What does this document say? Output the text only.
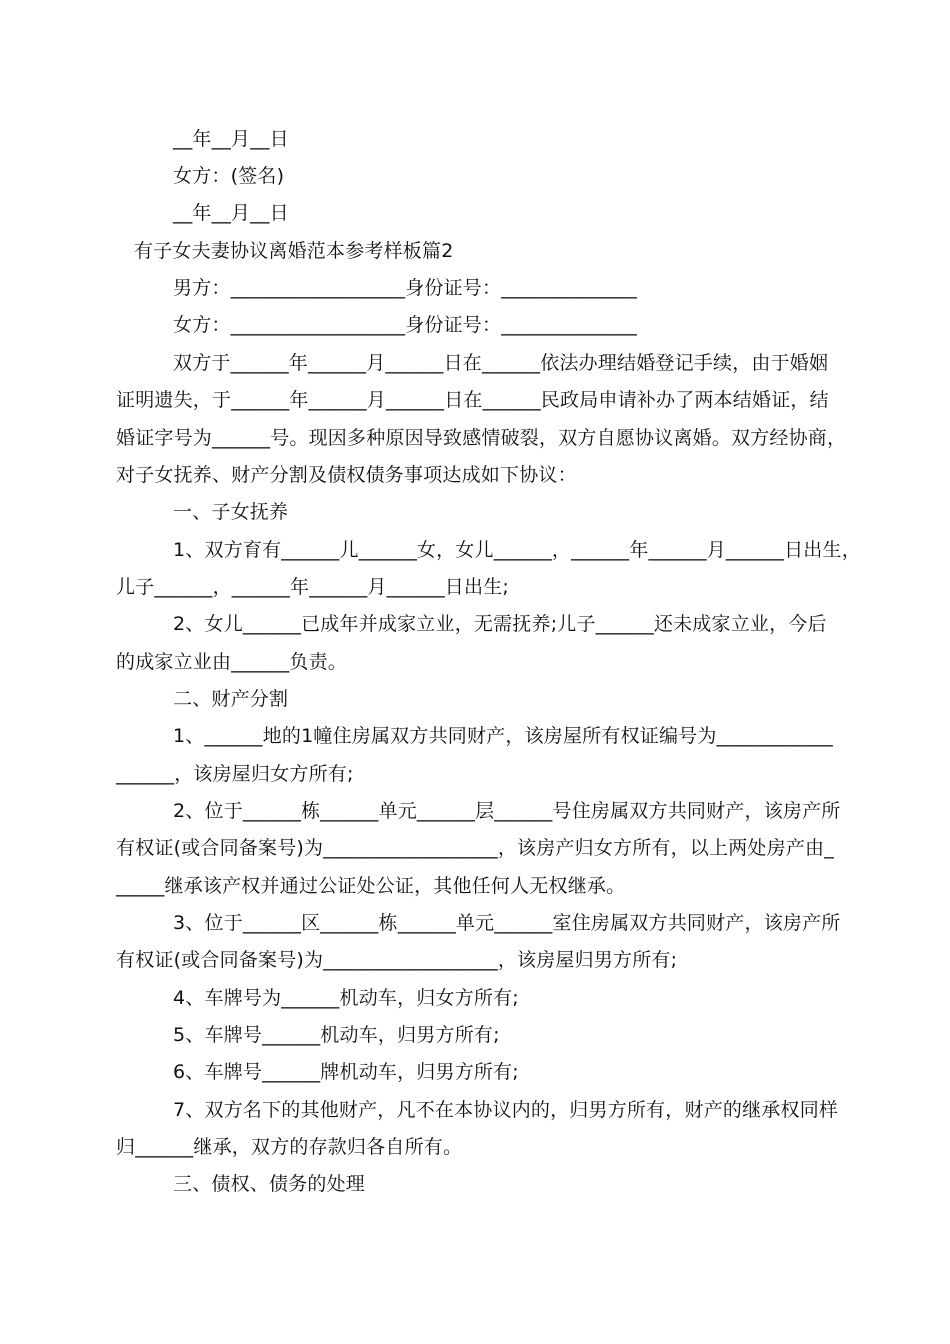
__年__月__日

女方：(签名)

__年__月__日

有子女夫妻协议离婚范本参考样板篇2

男方：__________________身份证号：______________

女方：__________________身份证号：______________

双方于______年______月______日在______依法办理结婚登记手续，由于婚姻

证明遗失，于______年______月______日在______民政局申请补办了两本结婚证，结

婚证字号为______号。现因多种原因导致感情破裂，双方自愿协议离婚。双方经协商，

对子女抚养、财产分割及债权债务事项达成如下协议：

一、子女抚养

1、双方育有______儿______女，女儿______，______年______月______日出生，

儿子______，______年______月______日出生;

2、女儿______已成年并成家立业，无需抚养;儿子______还未成家立业，今后

的成家立业由______负责。

二、财产分割

1、______地的1幢住房属双方共同财产，该房屋所有权证编号为____________

______，该房屋归女方所有;

2、位于______栋______单元______层______号住房属双方共同财产，该房产所

有权证(或合同备案号)为__________________，该房产归女方所有，以上两处房产由_

_____继承该产权并通过公证处公证，其他任何人无权继承。

3、位于______区______栋______单元______室住房属双方共同财产，该房产所

有权证(或合同备案号)为__________________，该房屋归男方所有;

4、车牌号为______机动车，归女方所有;

5、车牌号______机动车，归男方所有;

6、车牌号______牌机动车，归男方所有;

7、双方名下的其他财产，凡不在本协议内的，归男方所有，财产的继承权同样

归______继承，双方的存款归各自所有。

三、债权、债务的处理
